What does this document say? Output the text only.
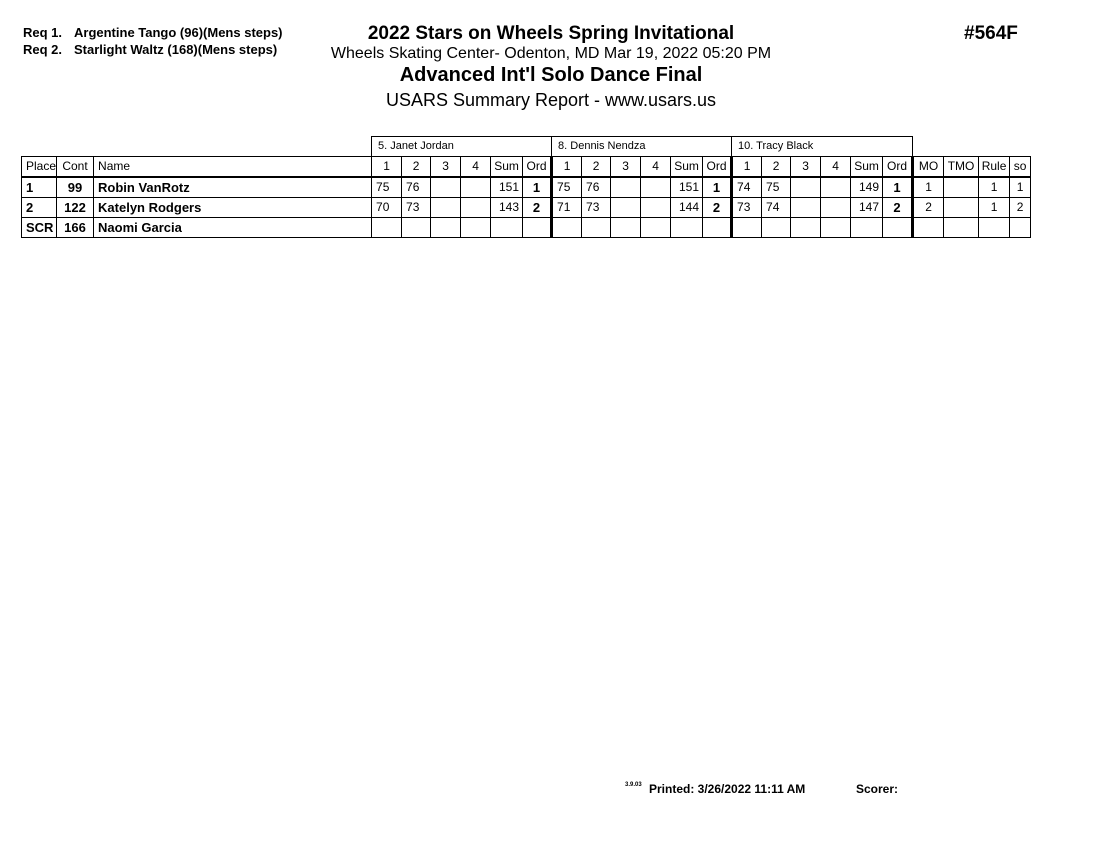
Req 1. Argentine Tango (96)(Mens steps)
Req 2. Starlight Waltz (168)(Mens steps)
2022 Stars on Wheels Spring Invitational
Wheels Skating Center- Odenton, MD Mar 19, 2022 05:20 PM
Advanced Int'l Solo Dance Final
USARS Summary Report - www.usars.us
#564F
			5. Janet Jordan						8. Dennis Nendza						10. Tracy Black									
Place	Cont	Name	1	2	3	4	Sum	Ord	1	2	3	4	Sum	Ord	1	2	3	4	Sum	Ord	MO	TMO	Rule	so
1	99	Robin VanRotz	75	76			151	1	75	76			151	1	74	75			149	1	1		1	1
2	122	Katelyn Rodgers	70	73			143	2	71	73			144	2	73	74			147	2	2		1	2
SCR	166	Naomi Garcia																						
3.9.03 Printed: 3/26/2022 11:11 AM	Scorer:
